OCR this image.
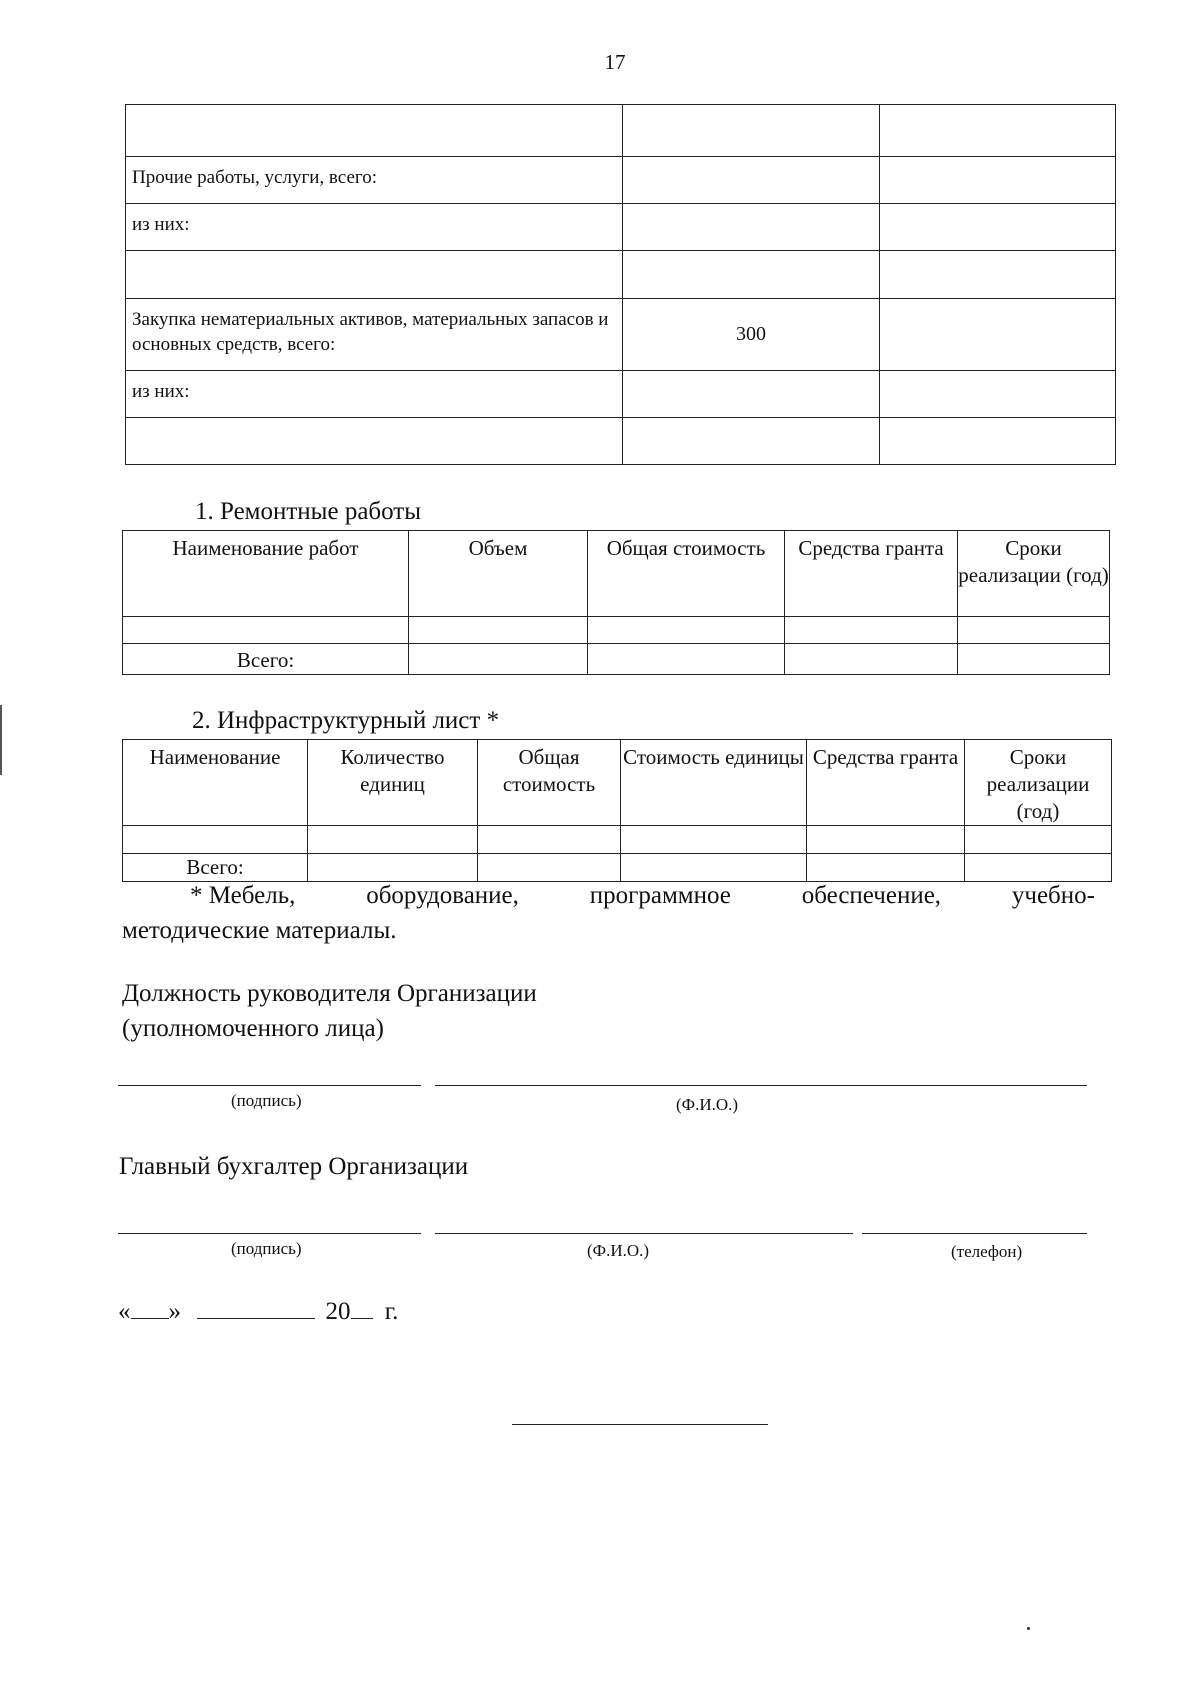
17

Прочие работы, услуги, всего:		
из них:		

Закупка нематериальных активов, материальных запасов и основных средств, всего:	300	
из них:		

1. Ремонтные работы
Наименование работ	Объем	Общая стоимость	Средства гранта	Сроки реализации (год)

Всего:				
2. Инфраструктурный лист *
Наименование	Количество единиц	Общая стоимость	Стоимость единицы	Средства гранта	Сроки реализации (год)

Всего:					
* Мебель,	оборудование,	программное	обеспечение,	учебно-
методические материалы.
Должность руководителя Организации
(уполномоченного лица)
(подпись)	(Ф.И.О.)
Главный бухгалтер Организации
(подпись)	(Ф.И.О.)	(телефон)
« »	20 г.
